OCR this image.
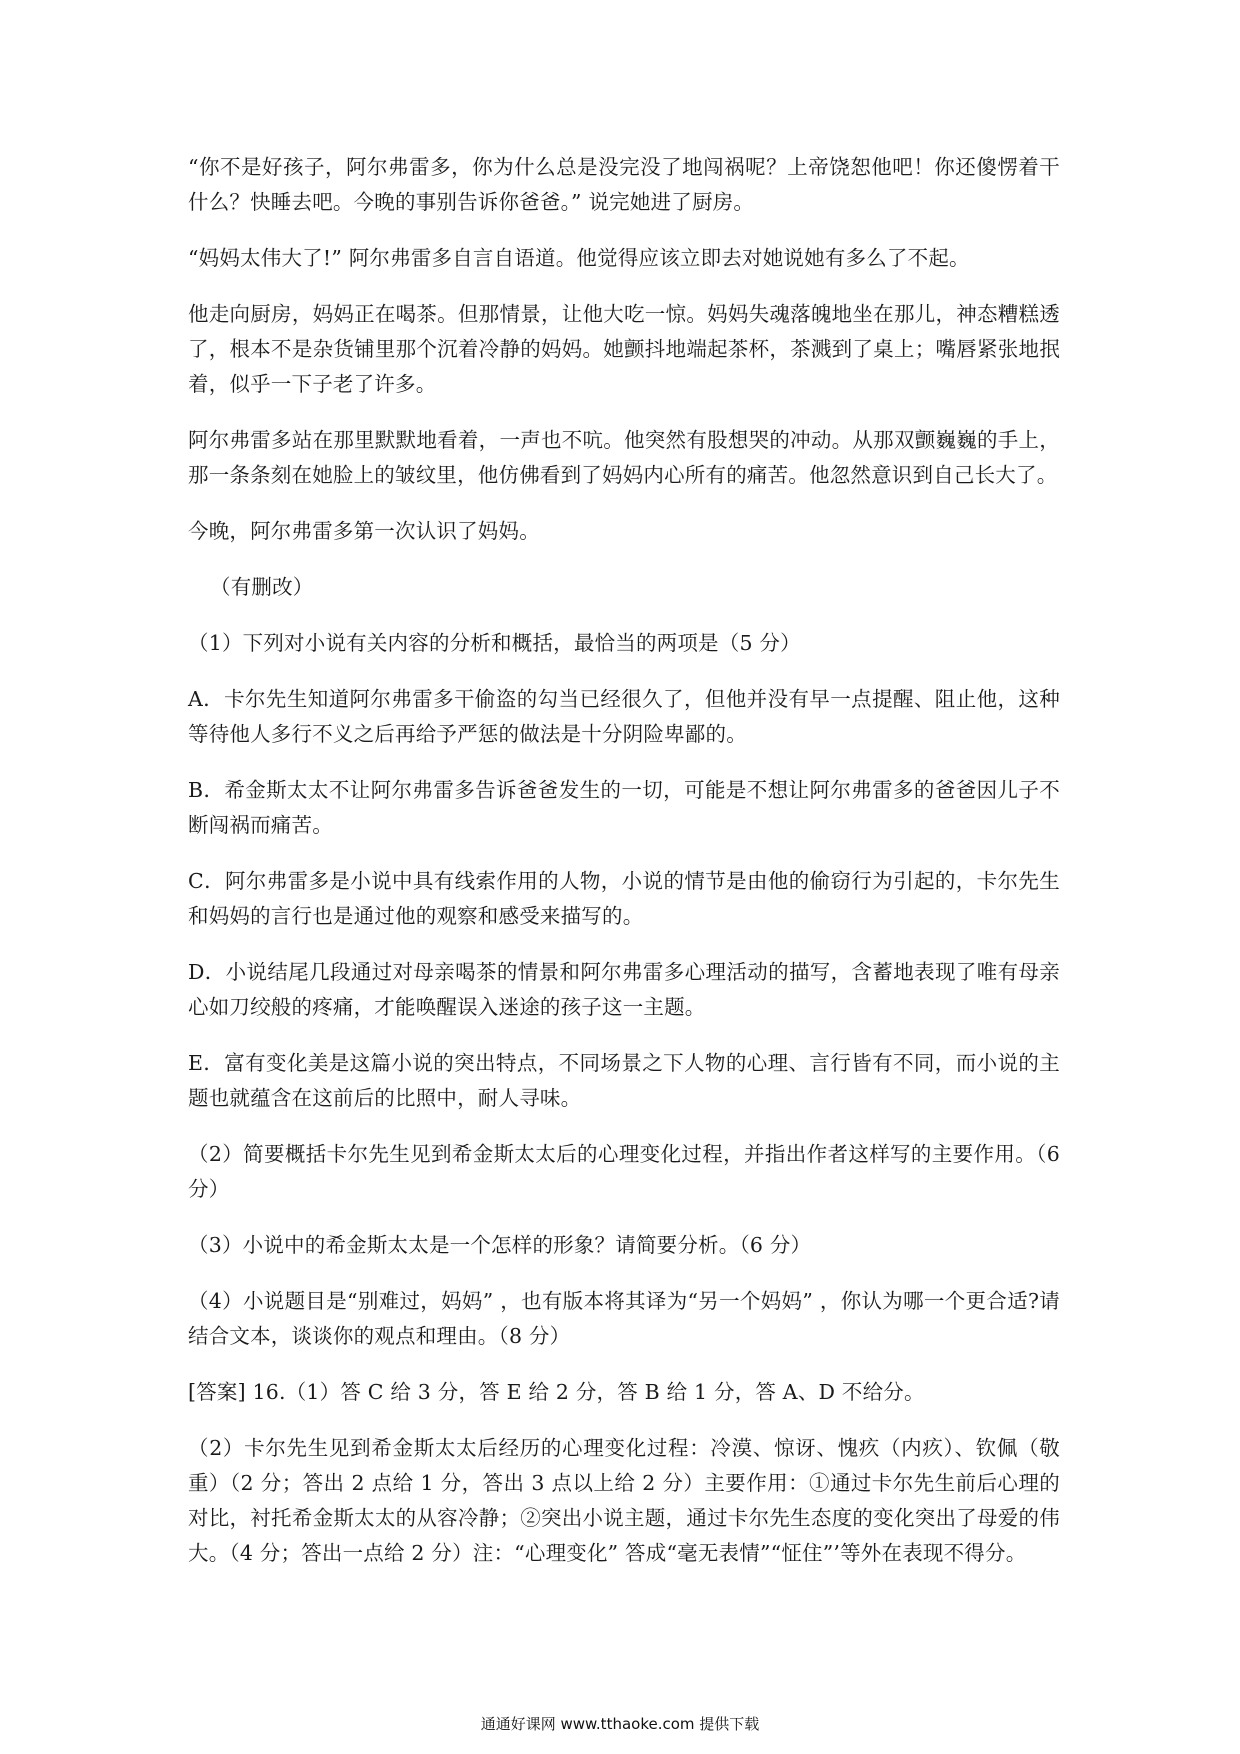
“你不是好孩子，阿尔弗雷多，你为什么总是没完没了地闯祸呢？上帝饶恕他吧！你还傻愣着干什么？快睡去吧。今晚的事别告诉你爸爸。” 说完她进了厨房。

“妈妈太伟大了!” 阿尔弗雷多自言自语道。他觉得应该立即去对她说她有多么了不起。

他走向厨房，妈妈正在喝茶。但那情景，让他大吃一惊。妈妈失魂落魄地坐在那儿，神态糟糕透了，根本不是杂货铺里那个沉着冷静的妈妈。她颤抖地端起茶杯，茶溅到了桌上；嘴唇紧张地抿着，似乎一下子老了许多。

阿尔弗雷多站在那里默默地看着，一声也不吭。他突然有股想哭的冲动。从那双颤巍巍的手上，那一条条刻在她脸上的皱纹里，他仿佛看到了妈妈内心所有的痛苦。他忽然意识到自己长大了。

今晚，阿尔弗雷多第一次认识了妈妈。

（有删改）

（1）下列对小说有关内容的分析和概括，最恰当的两项是（5 分）

A．卡尔先生知道阿尔弗雷多干偷盗的勾当已经很久了，但他并没有早一点提醒、阻止他，这种等待他人多行不义之后再给予严惩的做法是十分阴险卑鄙的。

B．希金斯太太不让阿尔弗雷多告诉爸爸发生的一切，可能是不想让阿尔弗雷多的爸爸因儿子不断闯祸而痛苦。

C．阿尔弗雷多是小说中具有线索作用的人物，小说的情节是由他的偷窃行为引起的，卡尔先生和妈妈的言行也是通过他的观察和感受来描写的。

D．小说结尾几段通过对母亲喝茶的情景和阿尔弗雷多心理活动的描写，含蓄地表现了唯有母亲心如刀绞般的疼痛，才能唤醒误入迷途的孩子这一主题。

E．富有变化美是这篇小说的突出特点，不同场景之下人物的心理、言行皆有不同，而小说的主题也就蕴含在这前后的比照中，耐人寻味。

（2）简要概括卡尔先生见到希金斯太太后的心理变化过程，并指出作者这样写的主要作用。（6 分）

（3）小说中的希金斯太太是一个怎样的形象？请简要分析。（6 分）

（4）小说题目是“别难过，妈妈” ，也有版本将其译为“另一个妈妈” ，你认为哪一个更合适?请结合文本，谈谈你的观点和理由。（8 分）

[答案] 16.（1）答 C 给 3 分，答 E 给 2 分，答 B 给 1 分，答 A、D 不给分。

（2）卡尔先生见到希金斯太太后经历的心理变化过程：冷漠、惊讶、愧疚（内疚）、钦佩（敬重）（2 分；答出 2 点给 1 分，答出 3 点以上给 2 分）主要作用：①通过卡尔先生前后心理的对比，衬托希金斯太太的从容冷静；②突出小说主题，通过卡尔先生态度的变化突出了母爱的伟大。（4 分；答出一点给 2 分）注：“心理变化” 答成“毫无表情”“怔住”’等外在表现不得分。

通通好课网 www.tthaoke.com 提供下载
